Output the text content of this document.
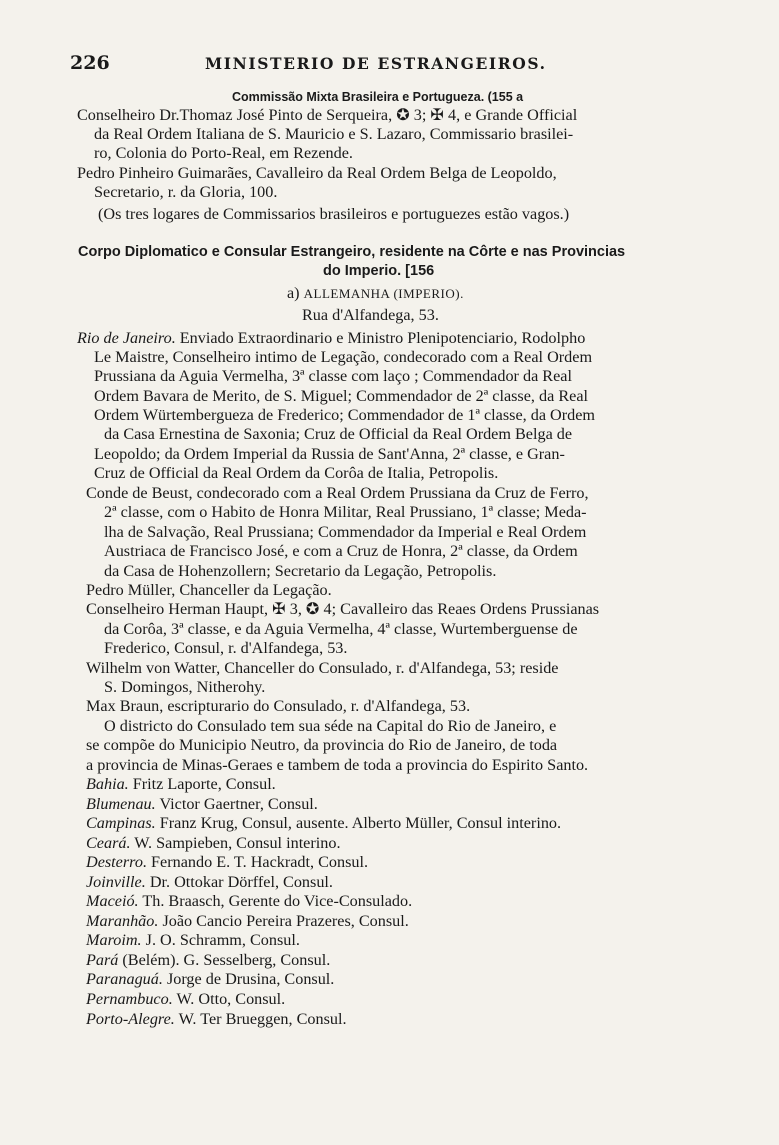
226	MINISTERIO DE ESTRANGEIROS.
Commissão Mixta Brasileira e Portugueza. (155 a
Conselheiro Dr.Thomaz José Pinto de Serqueira, ✪ 3; ✠ 4, e Grande Official
da Real Ordem Italiana de S. Mauricio e S. Lazaro, Commissario brasilei-
ro, Colonia do Porto-Real, em Rezende.
Pedro Pinheiro Guimarães, Cavalleiro da Real Ordem Belga de Leopoldo,
Secretario, r. da Gloria, 100.
(Os tres logares de Commissarios brasileiros e portuguezes estão vagos.)
Corpo Diplomatico e Consular Estrangeiro, residente na Côrte e nas Provincias
do Imperio. [156
a) ALLEMANHA (IMPERIO).
Rua d'Alfandega, 53.
Rio de Janeiro. Enviado Extraordinario e Ministro Plenipotenciario, Rodolpho
Le Maistre, Conselheiro intimo de Legação, condecorado com a Real Ordem
Prussiana da Aguia Vermelha, 3ª classe com laço ; Commendador da Real
Ordem Bavara de Merito, de S. Miguel; Commendador de 2ª classe, da Real
Ordem Würtembergueza de Frederico; Commendador de 1ª classe, da Ordem
da Casa Ernestina de Saxonia; Cruz de Official da Real Ordem Belga de
Leopoldo; da Ordem Imperial da Russia de Sant'Anna, 2ª classe, e Gran-
Cruz de Official da Real Ordem da Corôa de Italia, Petropolis.
Conde de Beust, condecorado com a Real Ordem Prussiana da Cruz de Ferro,
2ª classe, com o Habito de Honra Militar, Real Prussiano, 1ª classe; Meda-
lha de Salvação, Real Prussiana; Commendador da Imperial e Real Ordem
Austriaca de Francisco José, e com a Cruz de Honra, 2ª classe, da Ordem
da Casa de Hohenzollern; Secretario da Legação, Petropolis.
Pedro Müller, Chanceller da Legação.
Conselheiro Herman Haupt, ✠ 3, ✪ 4; Cavalleiro das Reaes Ordens Prussianas
da Corôa, 3ª classe, e da Aguia Vermelha, 4ª classe, Wurtemberguense de
Frederico, Consul, r. d'Alfandega, 53.
Wilhelm von Watter, Chanceller do Consulado, r. d'Alfandega, 53; reside
S. Domingos, Nitherohy.
Max Braun, escripturario do Consulado, r. d'Alfandega, 53.
O districto do Consulado tem sua séde na Capital do Rio de Janeiro, e
se compõe do Municipio Neutro, da provincia do Rio de Janeiro, de toda
a provincia de Minas-Geraes e tambem de toda a provincia do Espirito Santo.
Bahia. Fritz Laporte, Consul.
Blumenau. Victor Gaertner, Consul.
Campinas. Franz Krug, Consul, ausente. Alberto Müller, Consul interino.
Ceará. W. Sampieben, Consul interino.
Desterro. Fernando E. T. Hackradt, Consul.
Joinville. Dr. Ottokar Dörffel, Consul.
Maceió. Th. Braasch, Gerente do Vice-Consulado.
Maranhão. João Cancio Pereira Prazeres, Consul.
Maroim. J. O. Schramm, Consul.
Pará (Belém). G. Sesselberg, Consul.
Paranaguá. Jorge de Drusina, Consul.
Pernambuco. W. Otto, Consul.
Porto-Alegre. W. Ter Brueggen, Consul.
